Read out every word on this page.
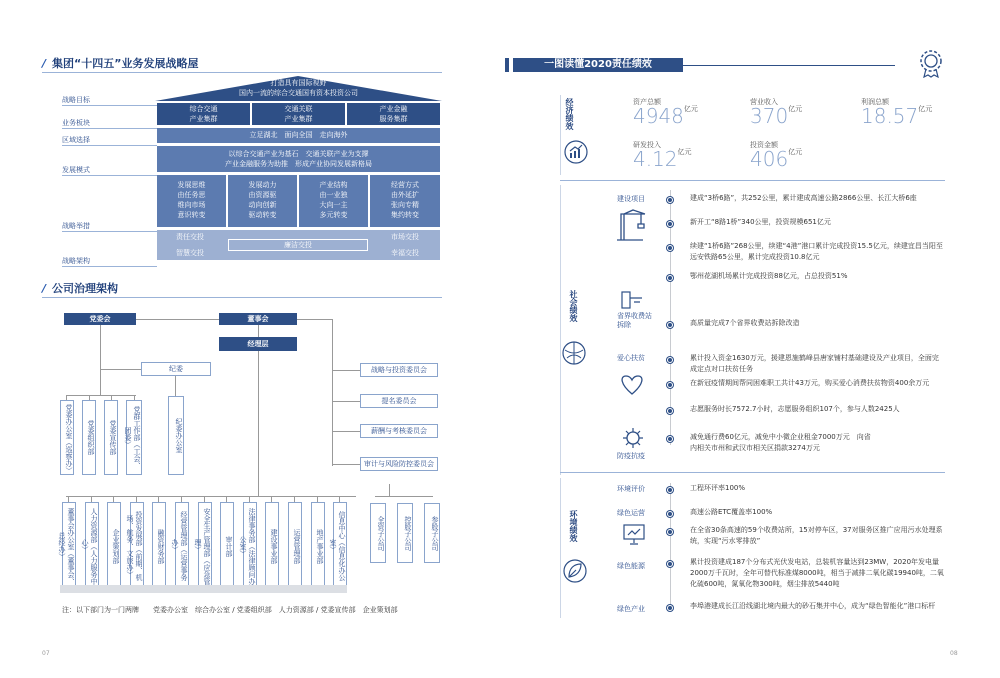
/ 集团“十四五”业务发展战略屋
战略目标
业务板块
区域选择
发展模式
战略举措
战略架构
打造具有国际视野
国内一流的综合交通国有资本投资公司
综合交通
产业集群
交通关联
产业集群
产业金融
服务集群
立足湖北　面向全国　走向海外
以综合交通产业为基石　交通关联产业为支撑
产业金融服务为助推　形成产业协同发展新格局
发展思维
由任务思
维向市场
意识转变
发展动力
由资源驱
动向创新
驱动转变
产业结构
由一业独
大向一主
多元转变
经营方式
由外延扩
张向专精
集约转变
责任交投
智慧交投
廉洁交投
市场交投
幸福交投
/ 公司治理架构
党委会	董事会
经理层
纪委
党委办公室（巡察办）	党委组织部	党委宣传部	党群工作部（工会、团委）	纪委办公室
战略与投资委员会
提名委员会
薪酬与考核委员会
审计与风险防控委员会
董事会办公室（董事会、总经办）	人力资源部（人力服务中心）	企业策划部	投资发展部（前期、机场、航务、文旅办）	融资财务部	经营管理部（运营事务办）	安全生产管理部（应急管理）	审计部	法律事务部（法律顾问办公室）	建设事业部	运营管理部	地产事业部	信息中心（信息化办公室）	全资子公司	控股子公司	参股子公司
注：以下部门为一门两牌　　党委办公室　综合办公室 / 党委组织部　人力资源部 / 党委宣传部　企业策划部
07
一图读懂2020责任绩效
经济绩效	资产总额
$4948^{亿元}$
营业收入
$370^{亿元}$
利润总额
$18.57^{亿元}$
研发投入
$4.12^{亿元}$
投资金额
$406^{亿元}$
社会绩效
建设项目	建成“3桥6路”，共252公里，累计建成高速公路2866公里、长江大桥6座
新开工“8路1桥”340公里，投资规模651亿元
续建“1桥6路”268公里，续建“4港”港口累计完成投资15.5亿元，续建宜昌当阳至远安铁路65公里，累计完成投资10.8亿元
鄂州花湖机场累计完成投资88亿元，占总投资51%
省界收费站拆除	高质量完成7个省界收费站拆除改造
爱心扶贫	累计投入资金1630万元，援建恩施鹤峰县唐家铺村基础建设及产业项目，全面完成定点对口扶贫任务
在新冠疫情期间帮同困难职工共计43万元，购买爱心消费扶贫物资400余万元
志愿服务时长7572.7小时，志愿服务组织107个，参与人数2425人
防疫抗疫
减免通行费60亿元，减免中小微企业租金7000万元　向省内相关市州和武汉市相关区捐款3274万元
环境绩效
环境评价	工程环评率100%
绿色运营	高速公路ETC覆盖率100%
在全省30条高速的59个收费站所，15对停车区，37对服务区推广应用污水处理系统，实现“污水零排放”
绿色能源	累计投资建成187个分布式光伏发电站，总装机容量达到23MW，2020年发电量2000万千瓦时，全年可替代标准煤8000吨，相当于减排二氧化碳19940吨，二氧化硫600吨，氮氧化物300吨，烟尘排放5440吨
绿色产业	李埠港建成长江沿线湖北境内最大的砂石集并中心，成为“绿色智能化”港口标杆
08
